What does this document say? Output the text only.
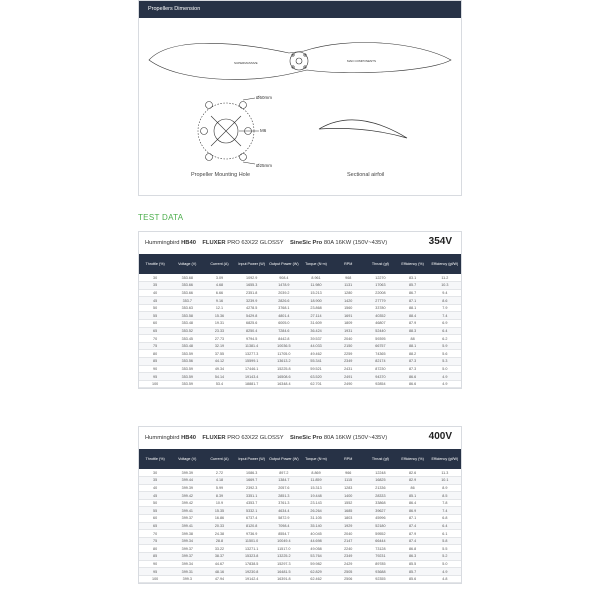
Propellers Dimension
SUPERMASSIVE	MAD COMPONENTS
Ø50mm
M6
Ø25mm
Propeller Mounting Hole	Sectional airfoil
TEST DATA
Hummingbird HB40 FLUXER PRO 63X22 GLOSSY SineSic Pro 80A 16KW (150V~435V)	354V
Throttle (%)	Voltage (V)	Current (A)	Input Power (W)	Output Power (W)	Torque (N·m)	RPM	Thrust (gf)	Efficiency (%)	Efficiency (gf/W)
30	353.68	3.09	1092.9	908.4	8.961	968	12270	83.1	11.2
35	353.66	4.68	1655.3	1478.9	11.980	1131	17063	85.7	10.3
40	353.66	6.66	2351.8	2039.2	15.213	1280	22008	86.7	9.4
45	353.7	9.16	3239.9	2826.6	18.900	1420	27779	87.1	8.6
50	353.63	12.1	4278.5	3768.1	23.868	1560	33780	88.1	7.9
55	353.58	15.36	5429.8	4801.4	27.114	1691	40352	88.4	7.4
60	353.48	19.31	6825.6	6005.0	31.609	1809	46807	87.9	6.9
65	353.52	23.33	8250.4	7284.6	36.424	1931	52440	88.3	6.4
70	353.45	27.73	9794.5	8442.8	39.537	2040	59395	88	6.2
75	353.48	32.19	11381.4	10036.5	44.033	2150	66757	88.1	5.9
80	353.59	37.55	13277.3	11705.0	49.462	2259	74365	88.2	5.6
85	353.56	44.12	15599.1	13613.2	55.341	2349	82174	87.3	5.3
90	353.59	49.34	17446.1	15225.8	59.521	2431	87230	87.3	5.0
95	353.59	54.14	19143.4	16508.6	63.520	2491	94370	86.6	4.9
100	353.59	53.4	18881.7	16348.4	62.701	2490	92854	86.6	4.9
Hummingbird HB40 FLUXER PRO 63X22 GLOSSY SineSic Pro 80A 16KW (150V~435V)	400V
Throttle (%)	Voltage (V)	Current (A)	Input Power (W)	Output Power (W)	Torque (N·m)	RPM	Thrust (gf)	Efficiency (%)	Efficiency (gf/W)
30	399.39	2.72	1086.3	897.2	8.869	966	12248	82.6	11.3
35	399.44	4.18	1669.7	1384.7	11.859	1115	16825	82.9	10.1
40	399.39	5.99	2392.3	2057.6	15.313	1283	21336	86	8.9
45	399.42	8.39	3351.1	2851.3	19.448	1400	28333	85.1	8.5
50	399.42	10.9	4353.7	3761.3	23.143	1552	33868	86.4	7.8
55	399.41	15.35	5332.1	4634.4	26.264	1685	39627	86.9	7.4
60	399.37	16.86	6737.4	5872.9	31.105	1803	45996	87.1	6.8
65	399.41	20.33	8120.8	7098.4	35.140	1929	52180	87.4	6.4
70	399.38	24.38	9736.9	8554.7	40.045	2040	59552	87.9	6.1
75	399.34	28.8	11501.0	10049.4	44.698	2147	66444	87.4	5.8
80	399.37	33.22	13271.1	11517.0	49.058	2240	73128	86.8	5.5
85	399.37	38.37	15323.8	13225.2	53.764	2349	79231	86.3	5.2
90	399.34	44.67	17838.5	15297.3	59.982	2429	89785	85.5	5.0
95	399.31	48.16	19230.8	16481.5	62.829	2505	93688	85.7	4.9
100	399.3	47.94	19142.4	16391.8	62.462	2506	92355	85.6	4.8
